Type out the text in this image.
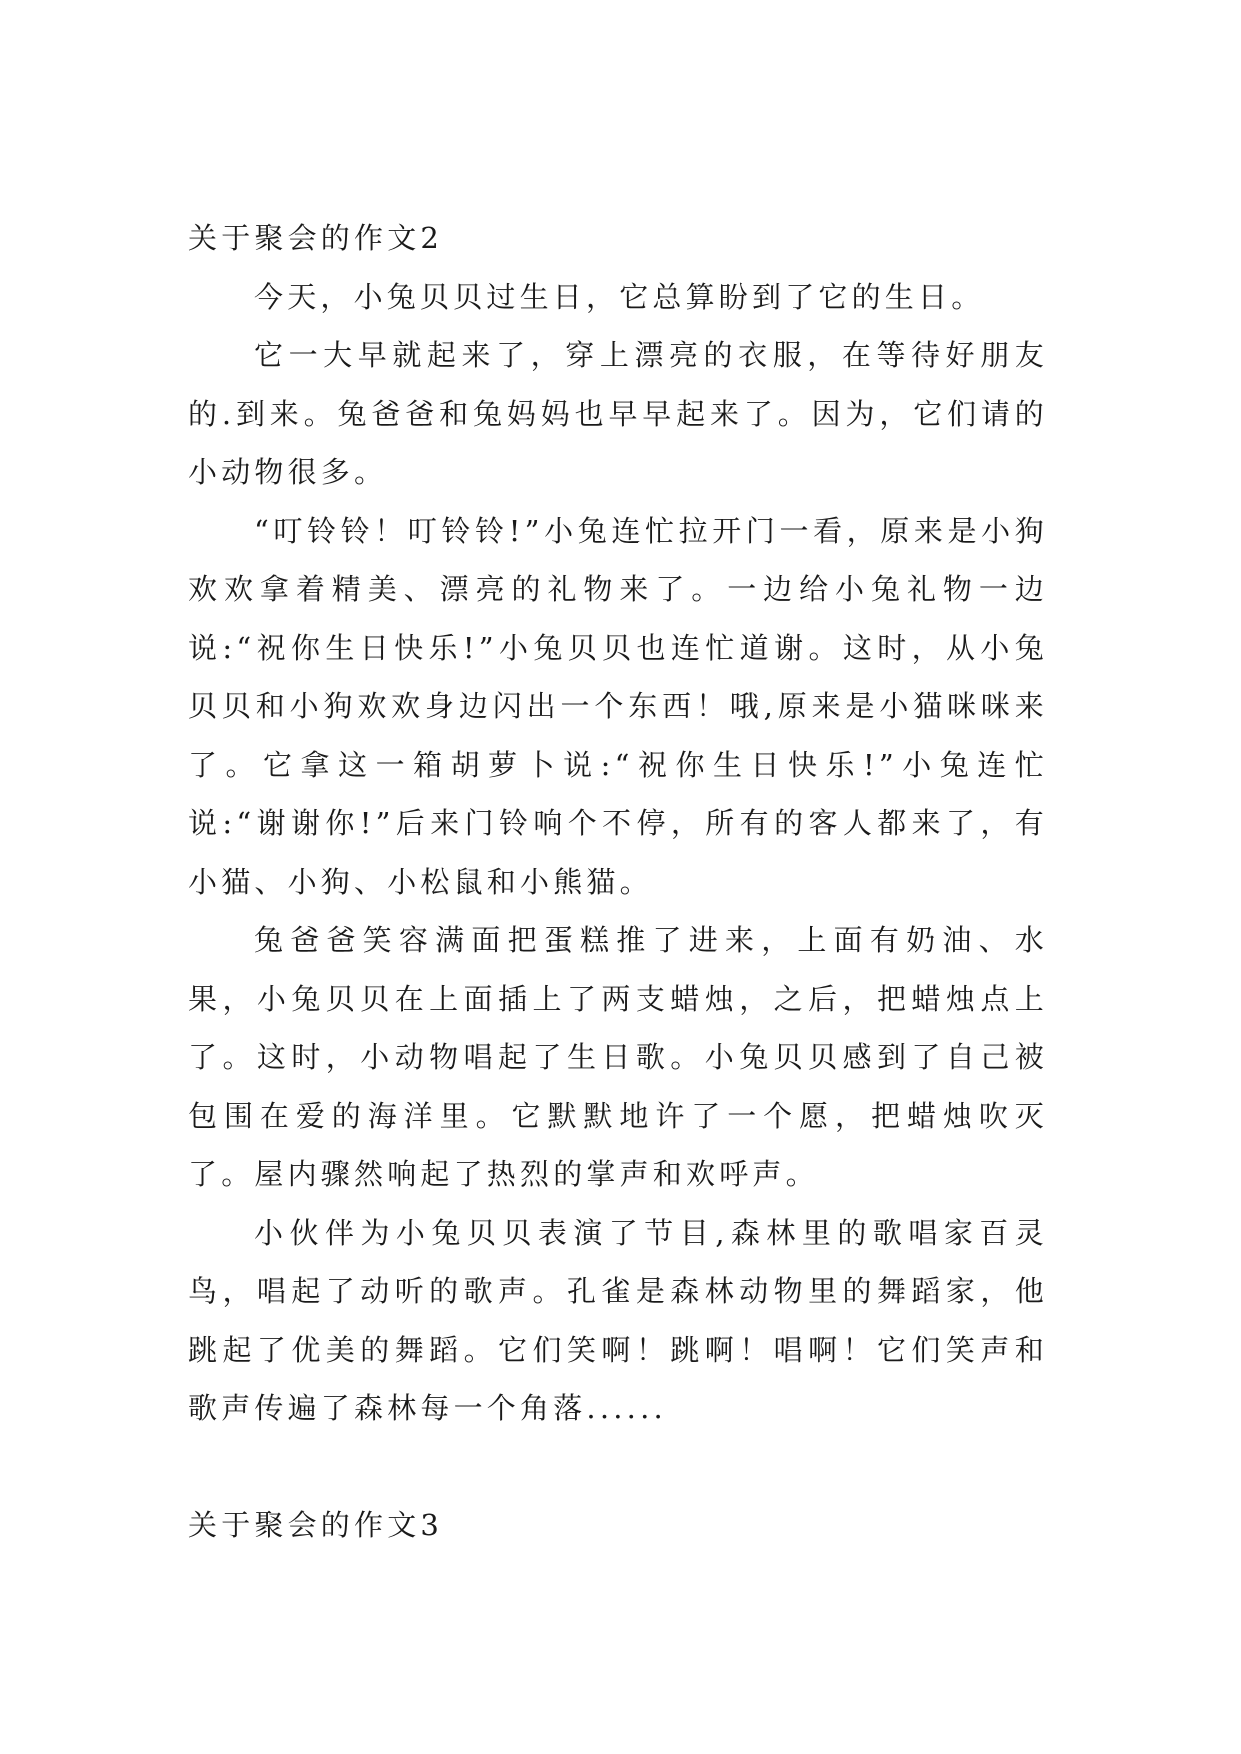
关于聚会的作文2

今天，小兔贝贝过生日，它总算盼到了它的生日。

它一大早就起来了，穿上漂亮的衣服，在等待好朋友的.到来。兔爸爸和兔妈妈也早早起来了。因为，它们请的小动物很多。

“叮铃铃！叮铃铃!”小兔连忙拉开门一看，原来是小狗欢欢拿着精美、漂亮的礼物来了。一边给小兔礼物一边说:“祝你生日快乐!”小兔贝贝也连忙道谢。这时，从小兔贝贝和小狗欢欢身边闪出一个东西！哦,原来是小猫咪咪来了。它拿这一箱胡萝卜说:“祝你生日快乐!”小兔连忙说:“谢谢你!”后来门铃响个不停，所有的客人都来了，有小猫、小狗、小松鼠和小熊猫。

兔爸爸笑容满面把蛋糕推了进来，上面有奶油、水果，小兔贝贝在上面插上了两支蜡烛，之后，把蜡烛点上了。这时，小动物唱起了生日歌。小兔贝贝感到了自己被包围在爱的海洋里。它默默地许了一个愿，把蜡烛吹灭了。屋内骤然响起了热烈的掌声和欢呼声。

小伙伴为小兔贝贝表演了节目,森林里的歌唱家百灵鸟，唱起了动听的歌声。孔雀是森林动物里的舞蹈家，他跳起了优美的舞蹈。它们笑啊！跳啊！唱啊！它们笑声和歌声传遍了森林每一个角落......

关于聚会的作文3
